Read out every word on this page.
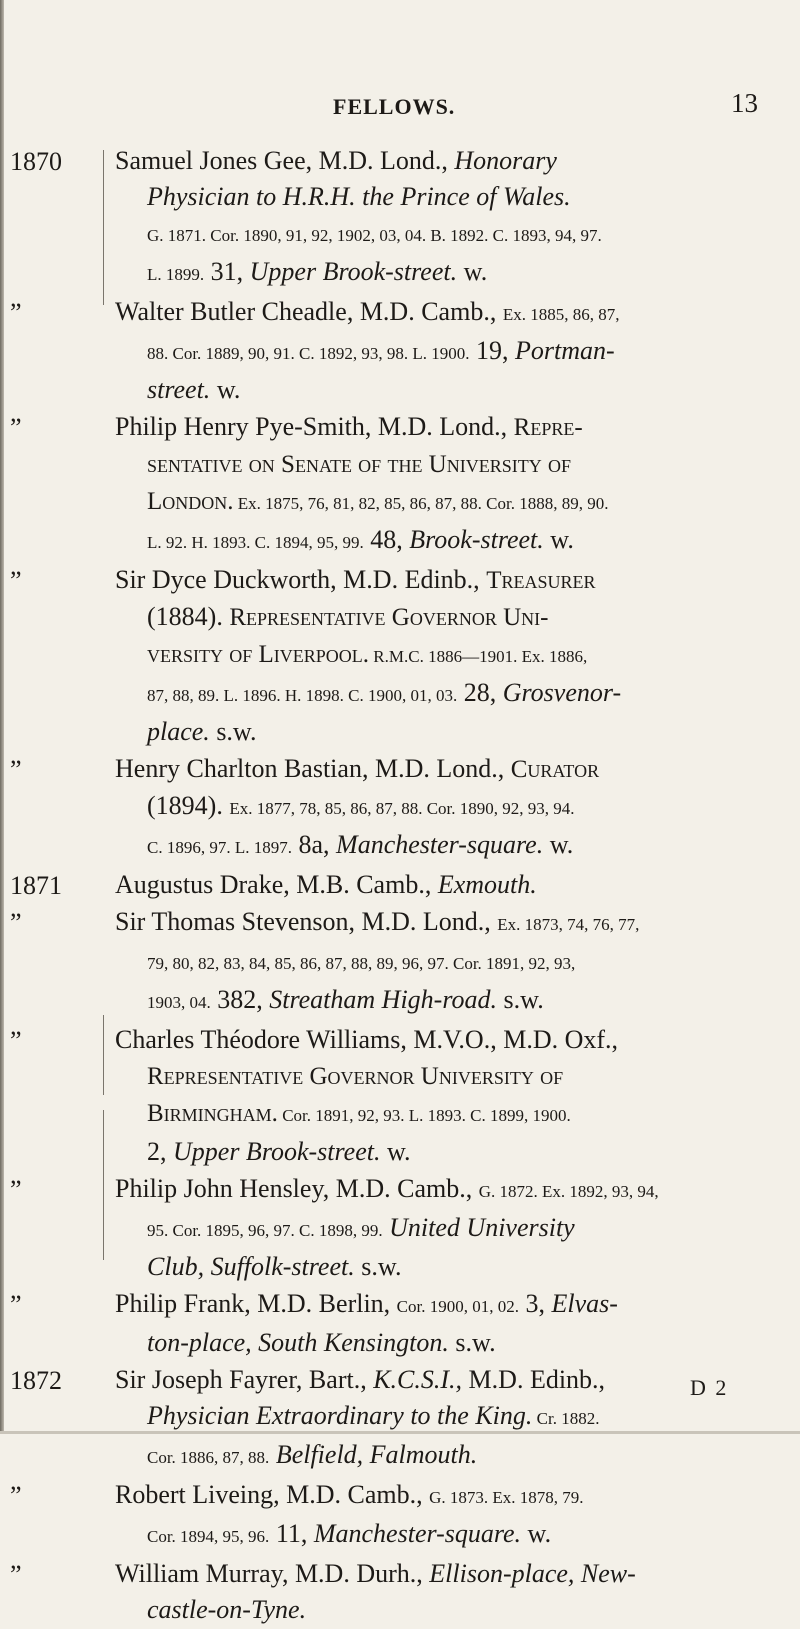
FELLOWS.	13
1870	Samuel Jones Gee, M.D. Lond., Honorary
Physician to H.R.H. the Prince of Wales.
G. 1871. Cor. 1890, 91, 92, 1902, 03, 04. B. 1892. C. 1893, 94, 97.
L. 1899. 31, Upper Brook-street. w.
”	Walter Butler Cheadle, M.D. Camb., Ex. 1885, 86, 87,
88. Cor. 1889, 90, 91. C. 1892, 93, 98. L. 1900. 19, Portman-
street. w.
”	Philip Henry Pye-Smith, M.D. Lond., Repre-
sentative on Senate of the University of
London. Ex. 1875, 76, 81, 82, 85, 86, 87, 88. Cor. 1888, 89, 90.
L. 92. H. 1893. C. 1894, 95, 99. 48, Brook-street. w.
”	Sir Dyce Duckworth, M.D. Edinb., Treasurer
(1884). Representative Governor Uni-
versity of Liverpool. R.M.C. 1886—1901. Ex. 1886,
87, 88, 89. L. 1896. H. 1898. C. 1900, 01, 03. 28, Grosvenor-
place. s.w.
”	Henry Charlton Bastian, M.D. Lond., Curator
(1894). Ex. 1877, 78, 85, 86, 87, 88. Cor. 1890, 92, 93, 94.
C. 1896, 97. L. 1897. 8a, Manchester-square. w.
1871	Augustus Drake, M.B. Camb., Exmouth.
”	Sir Thomas Stevenson, M.D. Lond., Ex. 1873, 74, 76, 77,
79, 80, 82, 83, 84, 85, 86, 87, 88, 89, 96, 97. Cor. 1891, 92, 93,
1903, 04. 382, Streatham High-road. s.w.
”	Charles Théodore Williams, M.V.O., M.D. Oxf.,
Representative Governor University of
Birmingham. Cor. 1891, 92, 93. L. 1893. C. 1899, 1900.
2, Upper Brook-street. w.
”	Philip John Hensley, M.D. Camb., G. 1872. Ex. 1892, 93, 94,
95. Cor. 1895, 96, 97. C. 1898, 99. United University
Club, Suffolk-street. s.w.
”	Philip Frank, M.D. Berlin, Cor. 1900, 01, 02. 3, Elvas-
ton-place, South Kensington. s.w.
1872	Sir Joseph Fayrer, Bart., K.C.S.I., M.D. Edinb.,
Physician Extraordinary to the King. Cr. 1882.
Cor. 1886, 87, 88. Belfield, Falmouth.
”	Robert Liveing, M.D. Camb., G. 1873. Ex. 1878, 79.
Cor. 1894, 95, 96. 11, Manchester-square. w.
”	William Murray, M.D. Durh., Ellison-place, New-
castle-on-Tyne.
D 2
